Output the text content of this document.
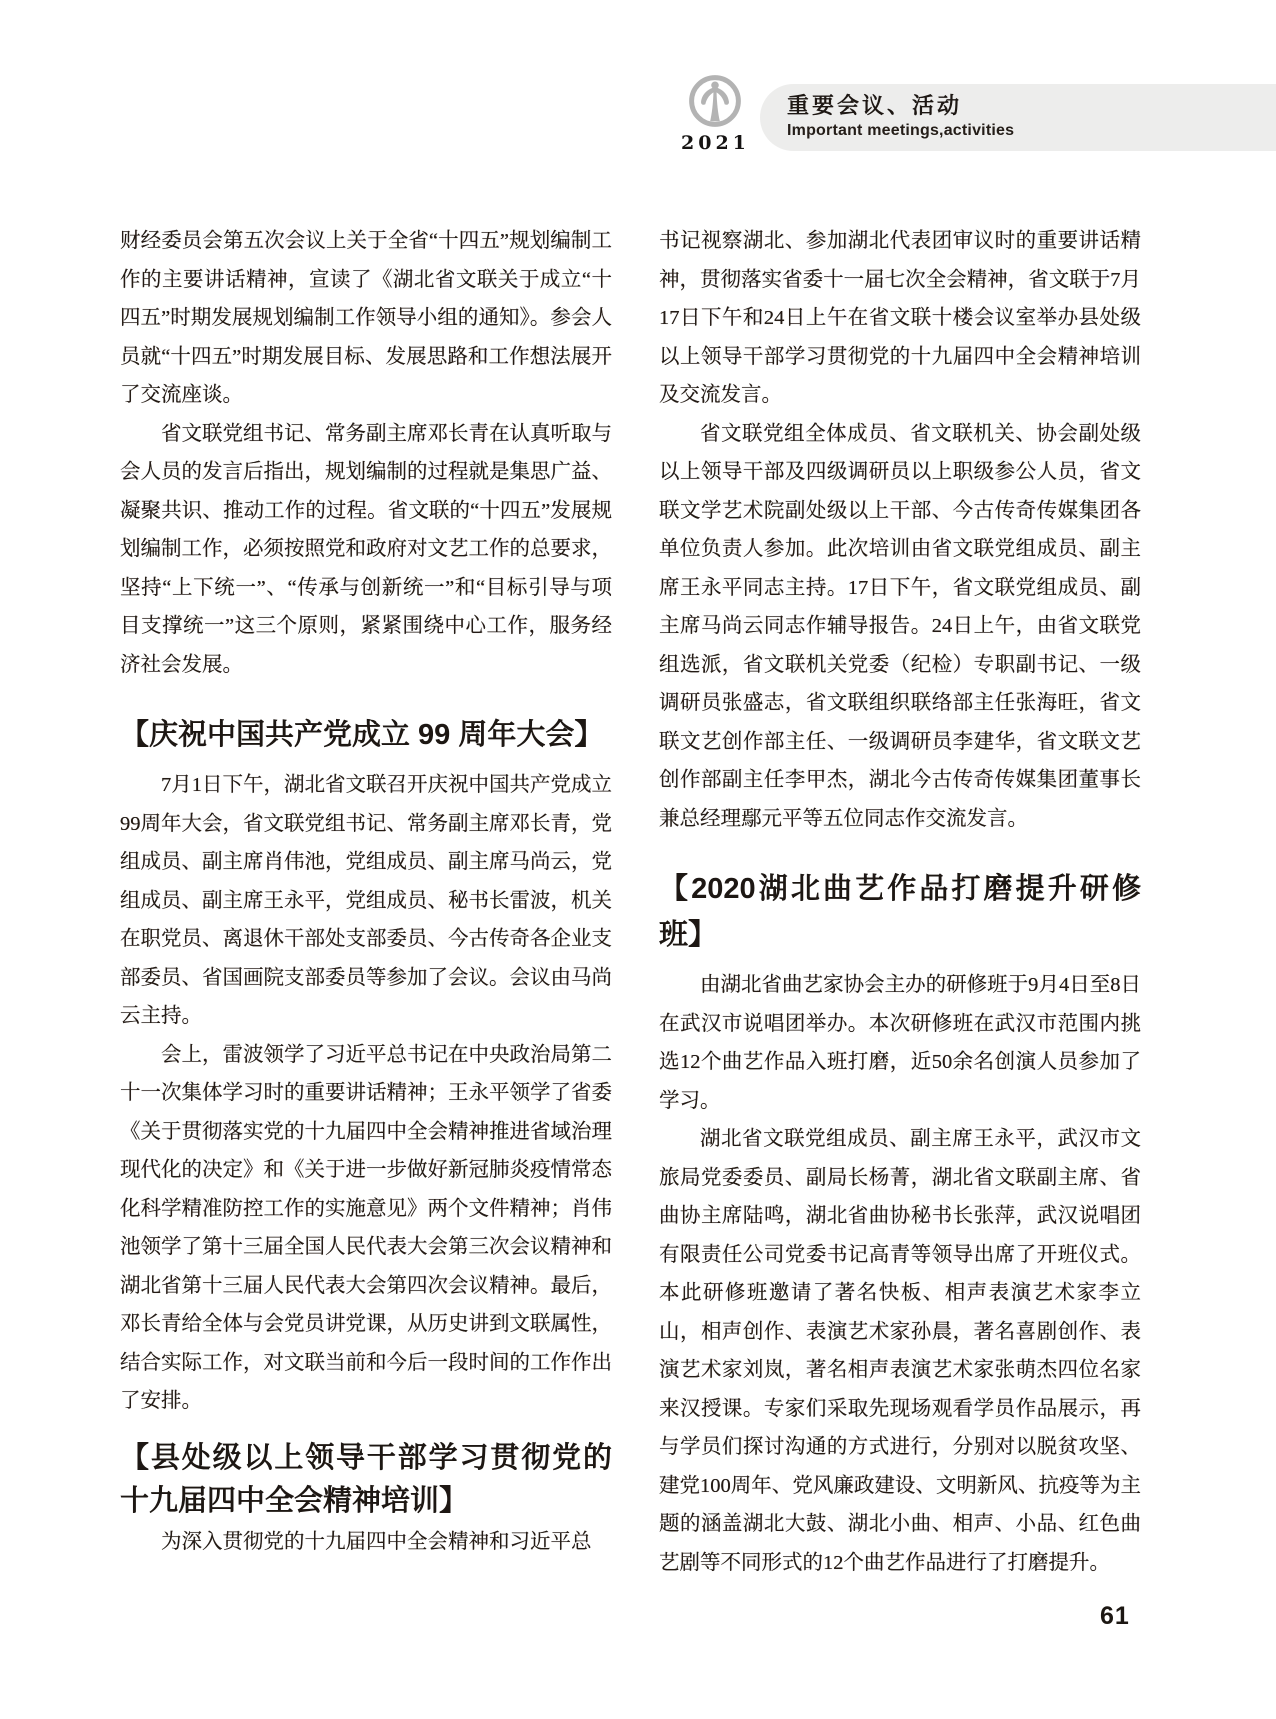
2021
重要会议、活动
Important meetings,activities

财经委员会第五次会议上关于全省“十四五”规划编制工作的主要讲话精神，宣读了《湖北省文联关于成立“十四五”时期发展规划编制工作领导小组的通知》。参会人员就“十四五”时期发展目标、发展思路和工作想法展开了交流座谈。

省文联党组书记、常务副主席邓长青在认真听取与会人员的发言后指出，规划编制的过程就是集思广益、凝聚共识、推动工作的过程。省文联的“十四五”发展规划编制工作，必须按照党和政府对文艺工作的总要求，坚持“上下统一”、“传承与创新统一”和“目标引导与项目支撑统一”这三个原则，紧紧围绕中心工作，服务经济社会发展。

【庆祝中国共产党成立 99 周年大会】

7月1日下午，湖北省文联召开庆祝中国共产党成立99周年大会，省文联党组书记、常务副主席邓长青，党组成员、副主席肖伟池，党组成员、副主席马尚云，党组成员、副主席王永平，党组成员、秘书长雷波，机关在职党员、离退休干部处支部委员、今古传奇各企业支部委员、省国画院支部委员等参加了会议。会议由马尚云主持。

会上，雷波领学了习近平总书记在中央政治局第二十一次集体学习时的重要讲话精神；王永平领学了省委《关于贯彻落实党的十九届四中全会精神推进省域治理现代化的决定》和《关于进一步做好新冠肺炎疫情常态化科学精准防控工作的实施意见》两个文件精神；肖伟池领学了第十三届全国人民代表大会第三次会议精神和湖北省第十三届人民代表大会第四次会议精神。最后，邓长青给全体与会党员讲党课，从历史讲到文联属性，结合实际工作，对文联当前和今后一段时间的工作作出了安排。

【县处级以上领导干部学习贯彻党的十九届四中全会精神培训】

为深入贯彻党的十九届四中全会精神和习近平总

书记视察湖北、参加湖北代表团审议时的重要讲话精神，贯彻落实省委十一届七次全会精神，省文联于7月17日下午和24日上午在省文联十楼会议室举办县处级以上领导干部学习贯彻党的十九届四中全会精神培训及交流发言。

省文联党组全体成员、省文联机关、协会副处级以上领导干部及四级调研员以上职级参公人员，省文联文学艺术院副处级以上干部、今古传奇传媒集团各单位负责人参加。此次培训由省文联党组成员、副主席王永平同志主持。17日下午，省文联党组成员、副主席马尚云同志作辅导报告。24日上午，由省文联党组选派，省文联机关党委（纪检）专职副书记、一级调研员张盛志，省文联组织联络部主任张海旺，省文联文艺创作部主任、一级调研员李建华，省文联文艺创作部副主任李甲杰，湖北今古传奇传媒集团董事长兼总经理鄢元平等五位同志作交流发言。

【2020湖北曲艺作品打磨提升研修班】

由湖北省曲艺家协会主办的研修班于9月4日至8日在武汉市说唱团举办。本次研修班在武汉市范围内挑选12个曲艺作品入班打磨，近50余名创演人员参加了学习。

湖北省文联党组成员、副主席王永平，武汉市文旅局党委委员、副局长杨菁，湖北省文联副主席、省曲协主席陆鸣，湖北省曲协秘书长张萍，武汉说唱团有限责任公司党委书记高青等领导出席了开班仪式。本此研修班邀请了著名快板、相声表演艺术家李立山，相声创作、表演艺术家孙晨，著名喜剧创作、表演艺术家刘岚，著名相声表演艺术家张萌杰四位名家来汉授课。专家们采取先现场观看学员作品展示，再与学员们探讨沟通的方式进行，分别对以脱贫攻坚、建党100周年、党风廉政建设、文明新风、抗疫等为主题的涵盖湖北大鼓、湖北小曲、相声、小品、红色曲艺剧等不同形式的12个曲艺作品进行了打磨提升。

61
